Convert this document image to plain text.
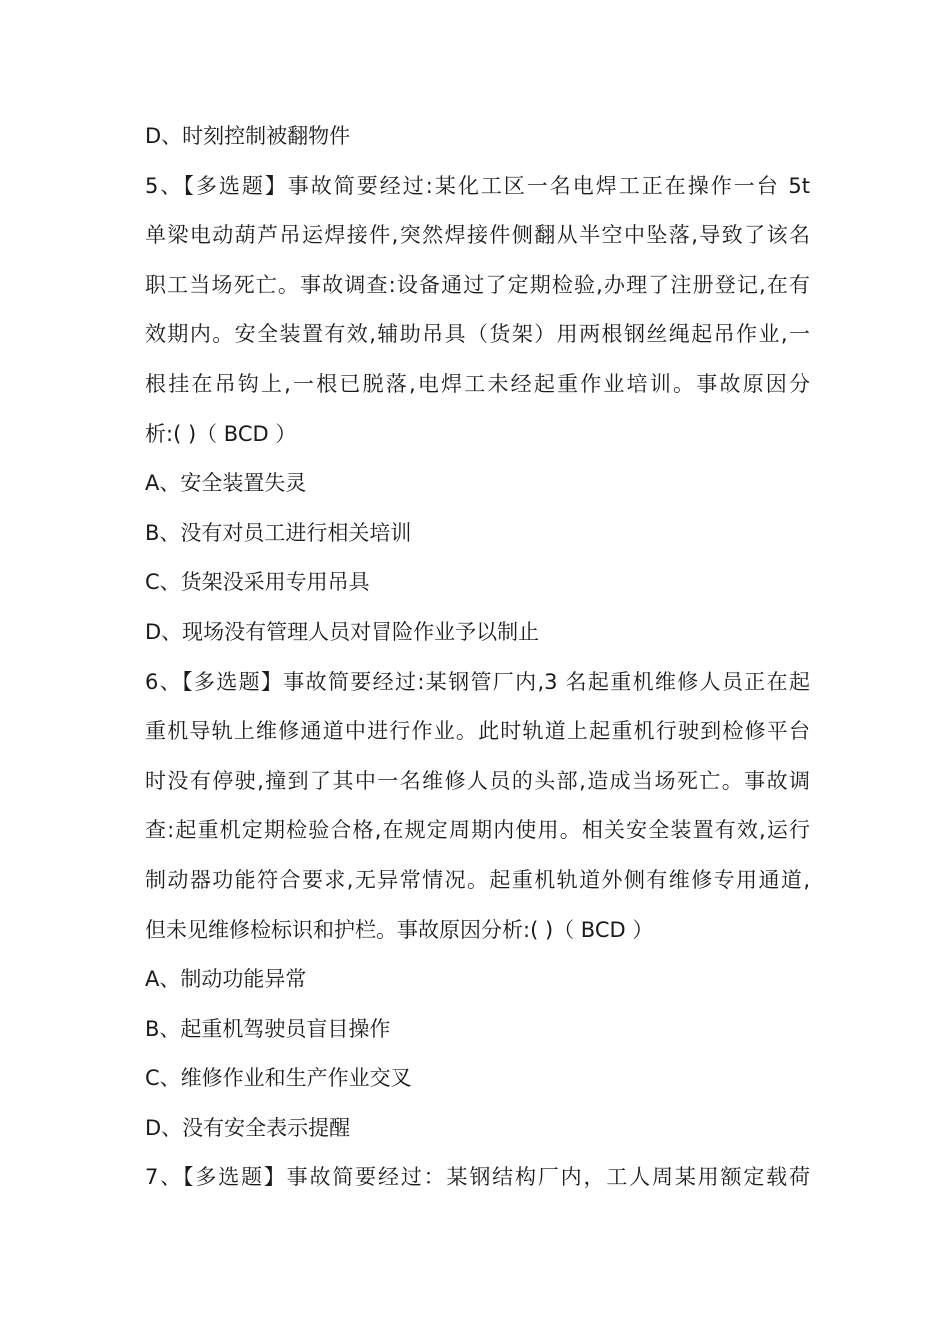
D、时刻控制被翻物件
5、【多选题】事故简要经过:某化工区一名电焊工正在操作一台 5t
单梁电动葫芦吊运焊接件,突然焊接件侧翻从半空中坠落,导致了该名
职工当场死亡。事故调查:设备通过了定期检验,办理了注册登记,在有
效期内。安全装置有效,辅助吊具（货架）用两根钢丝绳起吊作业,一
根挂在吊钩上,一根已脱落,电焊工未经起重作业培训。事故原因分
析:( )（ BCD ）
A、安全装置失灵
B、没有对员工进行相关培训
C、货架没采用专用吊具
D、现场没有管理人员对冒险作业予以制止
6、【多选题】事故简要经过:某钢管厂内,3 名起重机维修人员正在起
重机导轨上维修通道中进行作业。此时轨道上起重机行驶到检修平台
时没有停驶,撞到了其中一名维修人员的头部,造成当场死亡。事故调
查:起重机定期检验合格,在规定周期内使用。相关安全装置有效,运行
制动器功能符合要求,无异常情况。起重机轨道外侧有维修专用通道,
但未见维修检标识和护栏。事故原因分析:( )（ BCD ）
A、制动功能异常
B、起重机驾驶员盲目操作
C、维修作业和生产作业交叉
D、没有安全表示提醒
7、【多选题】事故简要经过：某钢结构厂内，工人周某用额定载荷
